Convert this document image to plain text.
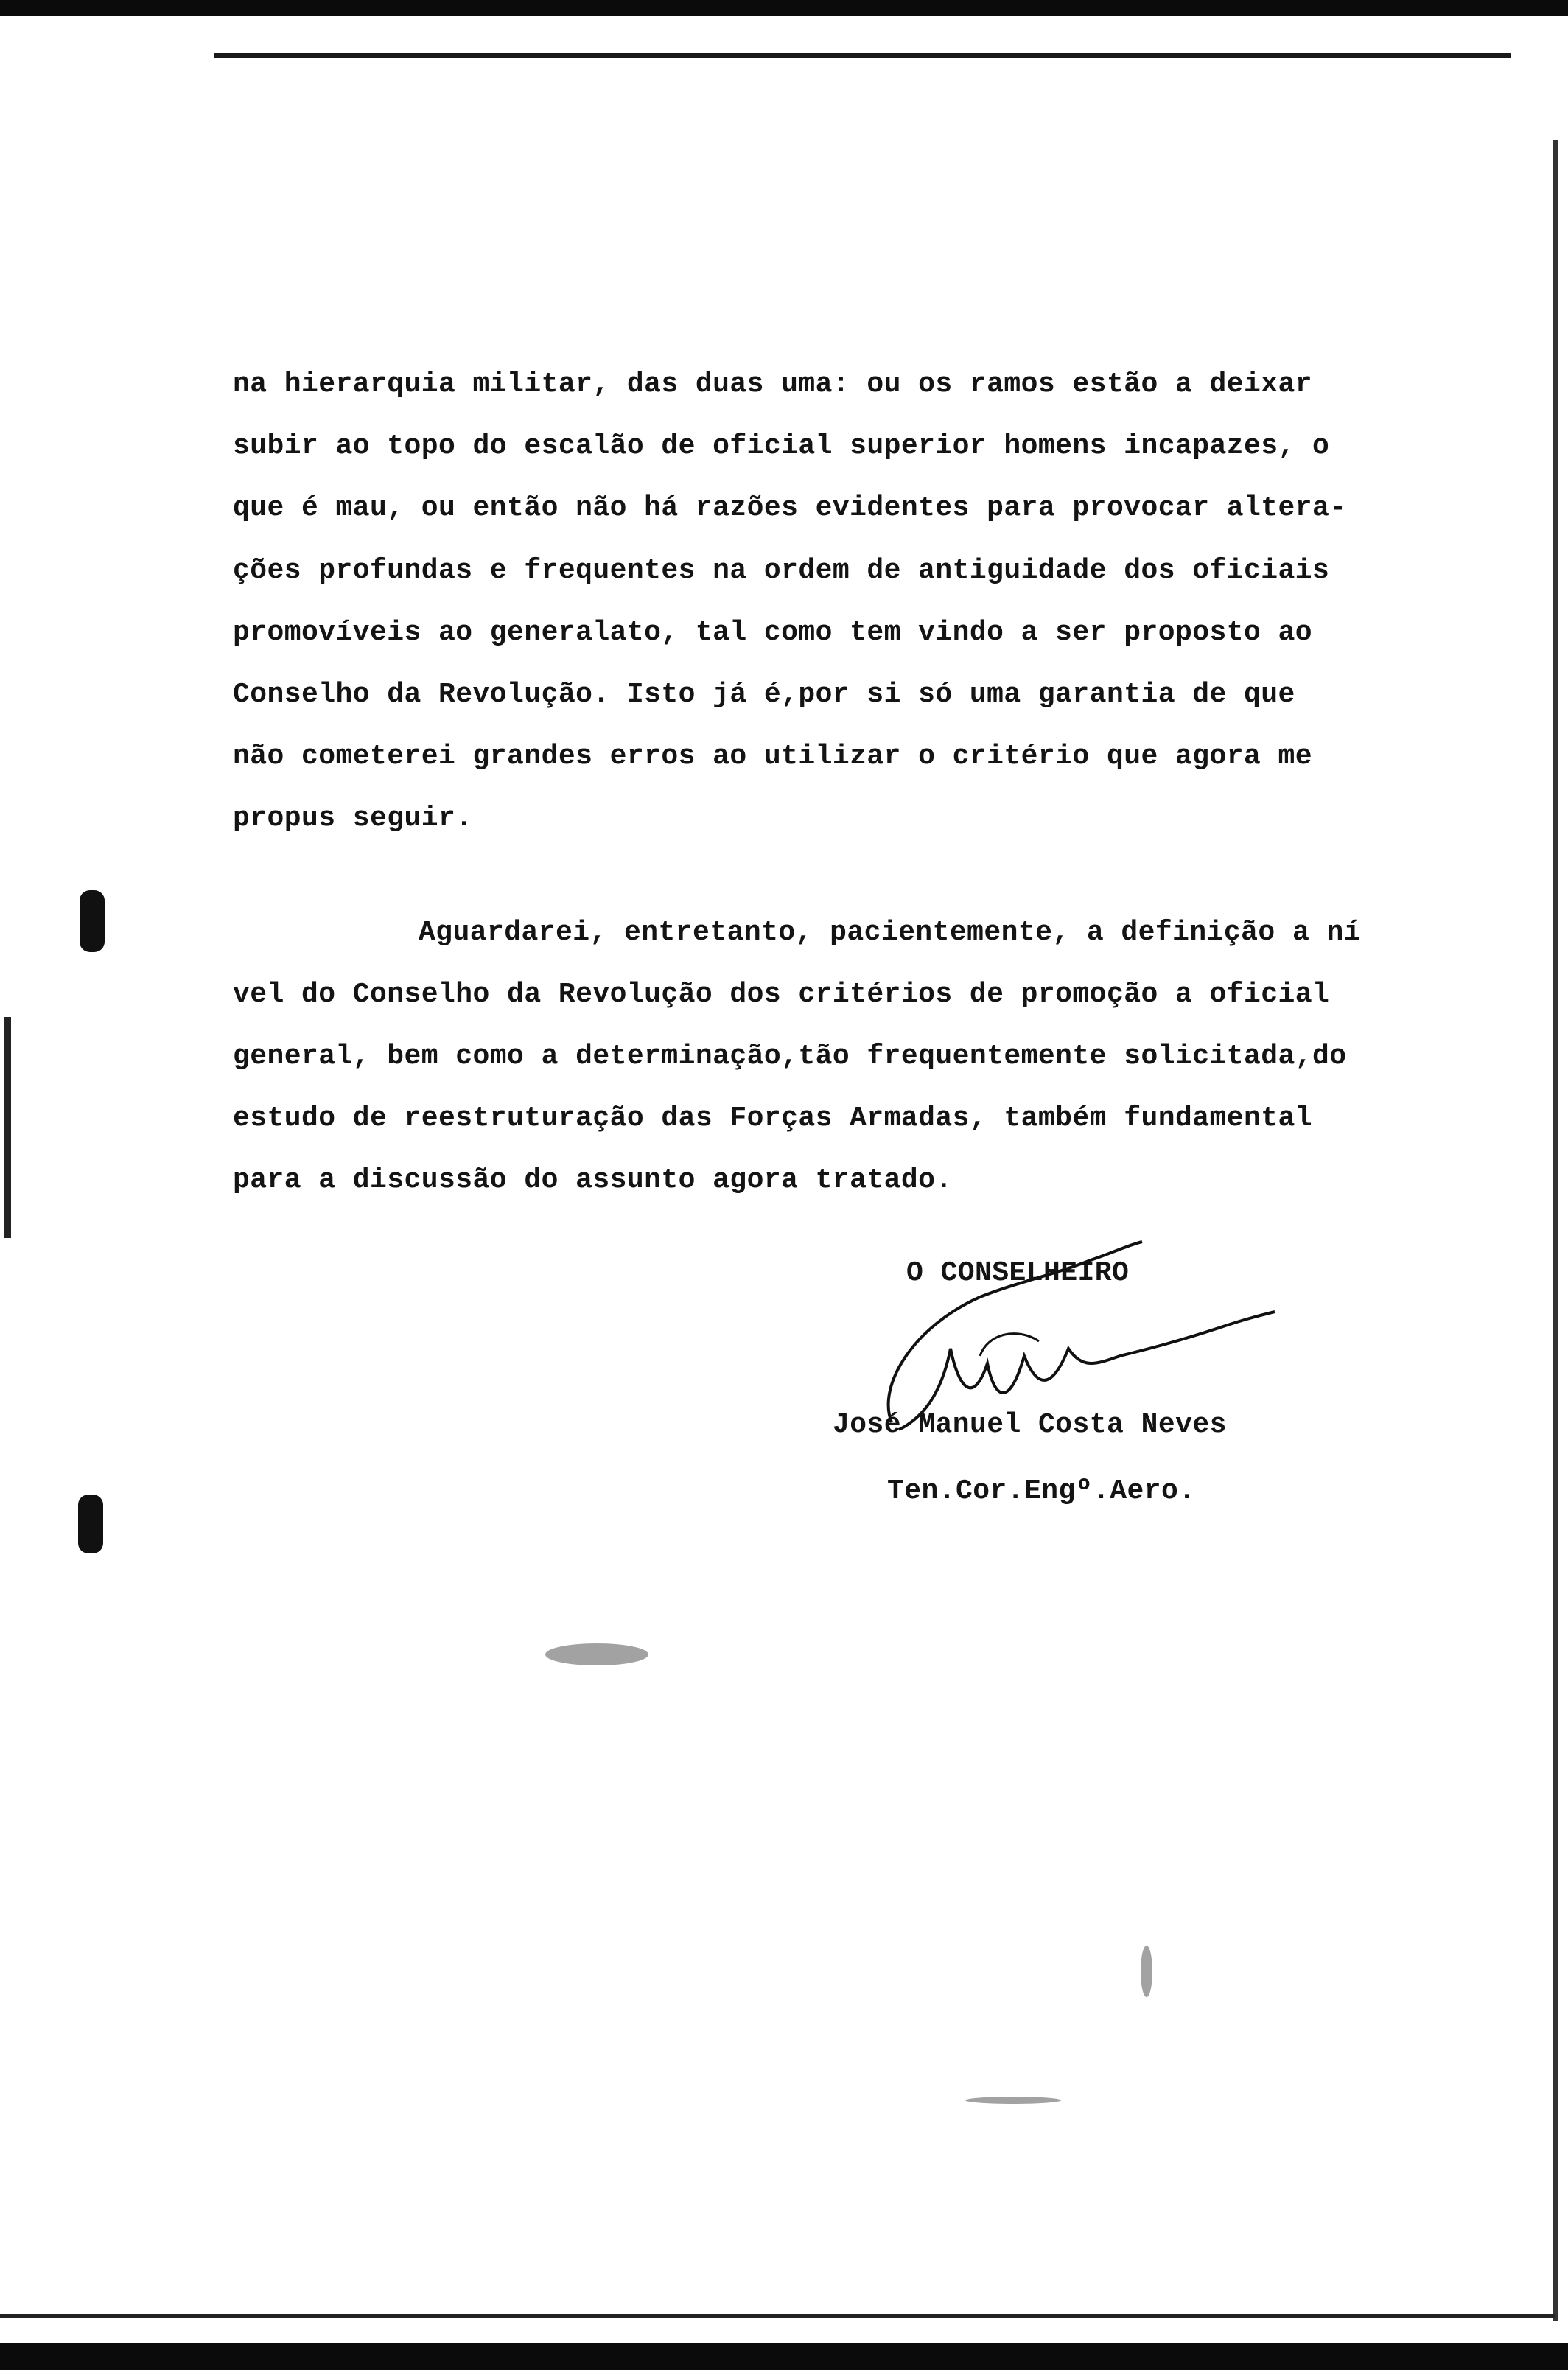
na hierarquia militar, das duas uma: ou os ramos estão a deixar
subir ao topo do escalão de oficial superior homens incapazes, o
que é mau, ou então não há razões evidentes para provocar altera-
ções profundas e frequentes na ordem de antiguidade dos oficiais
promovíveis ao generalato, tal como tem vindo a ser proposto ao
Conselho da Revolução. Isto já é,por si só uma garantia de que
não cometerei grandes erros ao utilizar o critério que agora me
propus seguir.
Aguardarei, entretanto, pacientemente, a definição a ní
vel do Conselho da Revolução dos critérios de promoção a oficial
general, bem como a determinação,tão frequentemente solicitada,do
estudo de reestruturação das Forças Armadas, também fundamental
para a discussão do assunto agora tratado.
O CONSELHEIRO
José Manuel Costa Neves
Ten.Cor.Engº.Aero.
